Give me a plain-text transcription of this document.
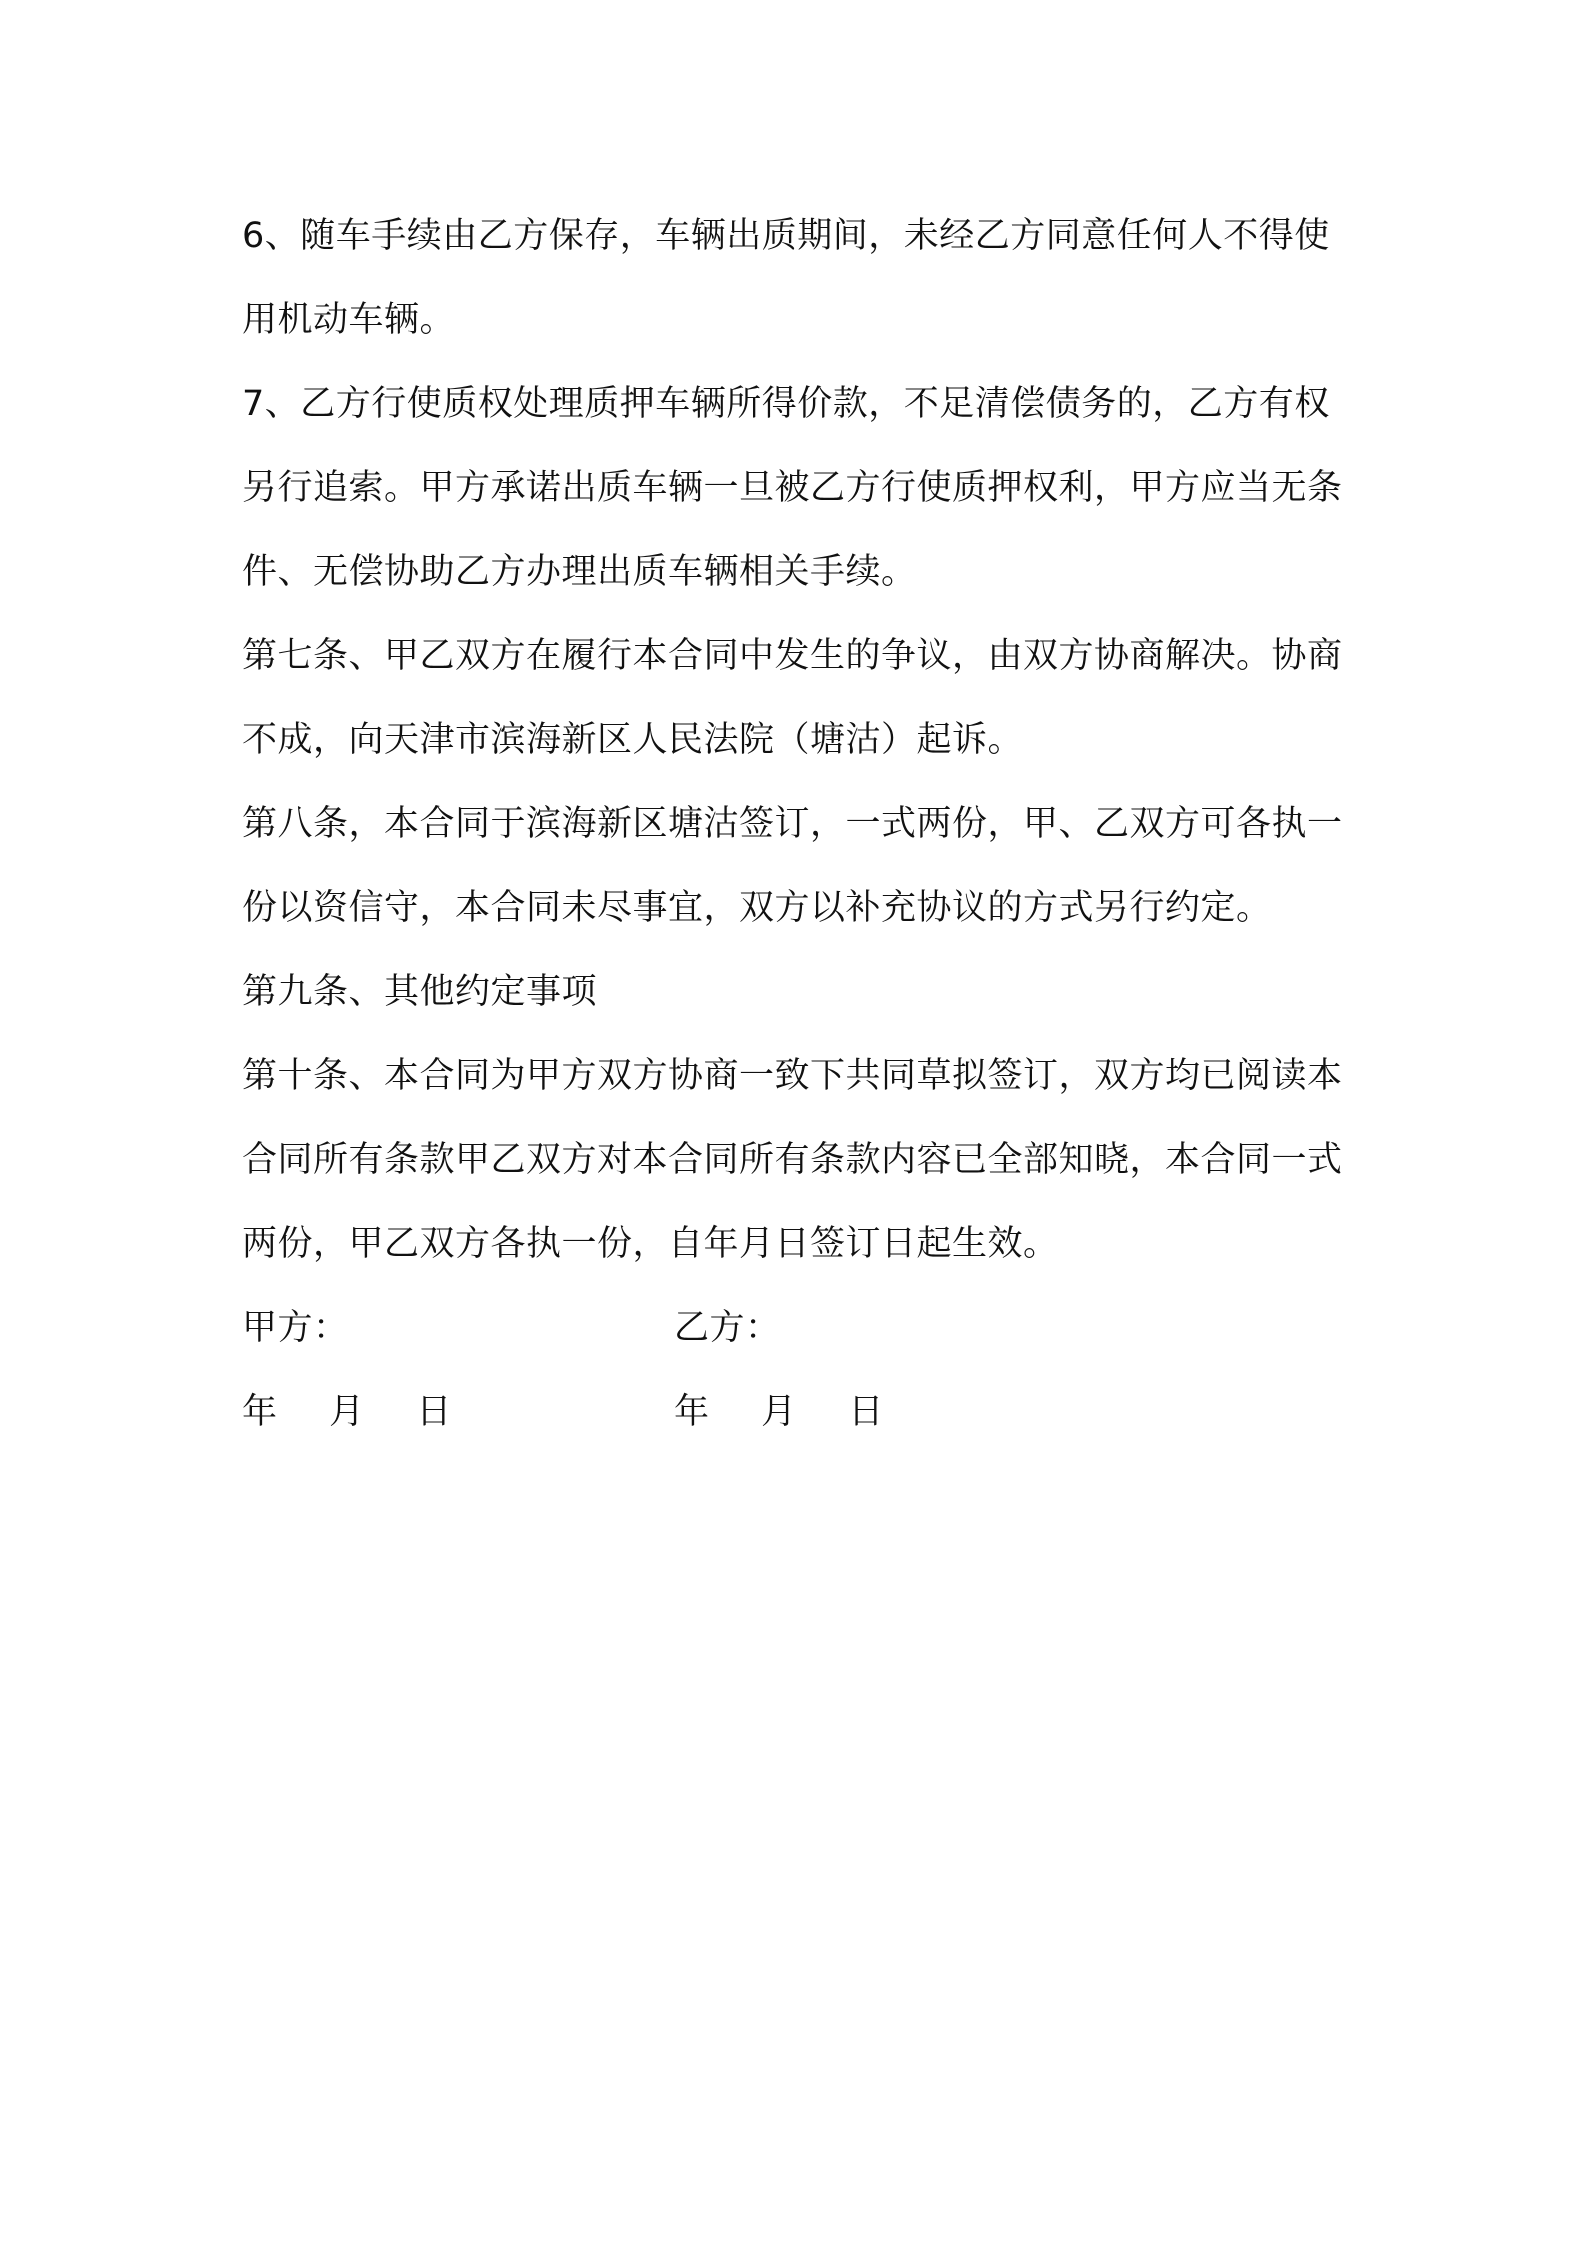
6、随车手续由乙方保存，车辆出质期间，未经乙方同意任何人不得使用机动车辆。

7、乙方行使质权处理质押车辆所得价款，不足清偿债务的，乙方有权另行追索。甲方承诺出质车辆一旦被乙方行使质押权利，甲方应当无条件、无偿协助乙方办理出质车辆相关手续。

第七条、甲乙双方在履行本合同中发生的争议，由双方协商解决。协商不成，向天津市滨海新区人民法院（塘沽）起诉。

第八条，本合同于滨海新区塘沽签订，一式两份，甲、乙双方可各执一份以资信守，本合同未尽事宜，双方以补充协议的方式另行约定。

第九条、其他约定事项

第十条、本合同为甲方双方协商一致下共同草拟签订，双方均已阅读本合同所有条款甲乙双方对本合同所有条款内容已全部知晓，本合同一式两份，甲乙双方各执一份，自年月日签订日起生效。

甲方：	乙方：
年 月 日	年 月 日
